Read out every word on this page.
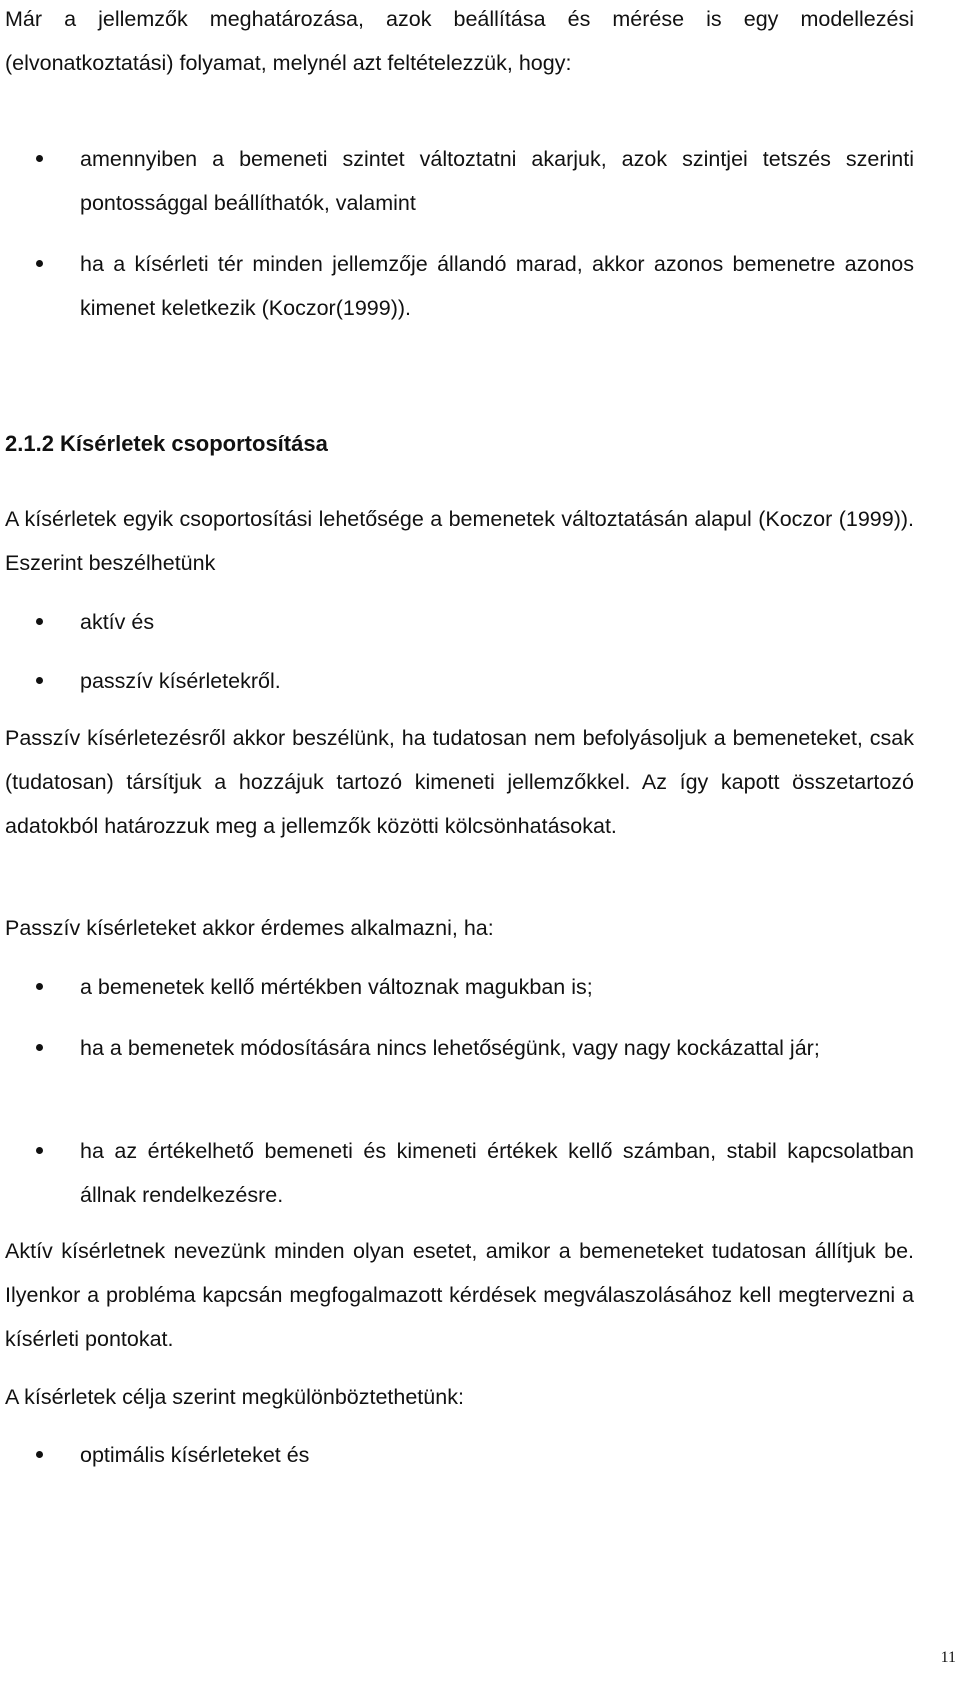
Már a jellemzők meghatározása, azok beállítása és mérése is egy modellezési (elvonatkoztatási) folyamat, melynél azt feltételezzük, hogy:
amennyiben a bemeneti szintet változtatni akarjuk, azok szintjei tetszés szerinti pontossággal beállíthatók, valamint
ha a kísérleti tér minden jellemzője állandó marad, akkor azonos bemenetre azonos kimenet keletkezik (Koczor(1999)).
2.1.2 Kísérletek csoportosítása
A kísérletek egyik csoportosítási lehetősége a bemenetek változtatásán alapul (Koczor (1999)). Eszerint beszélhetünk
aktív és
passzív kísérletekről.
Passzív kísérletezésről akkor beszélünk, ha tudatosan nem befolyásoljuk a bemeneteket, csak (tudatosan) társítjuk a hozzájuk tartozó kimeneti jellemzőkkel. Az így kapott összetartozó adatokból határozzuk meg a jellemzők közötti kölcsönhatásokat.
Passzív kísérleteket akkor érdemes alkalmazni, ha:
a bemenetek kellő mértékben változnak magukban is;
ha a bemenetek módosítására nincs lehetőségünk, vagy nagy kockázattal jár;
ha az értékelhető bemeneti és kimeneti értékek kellő számban, stabil kapcsolatban állnak rendelkezésre.
Aktív kísérletnek nevezünk minden olyan esetet, amikor a bemeneteket tudatosan állítjuk be. Ilyenkor a probléma kapcsán megfogalmazott kérdések megválaszolásához kell megtervezni a kísérleti pontokat.
A kísérletek célja szerint megkülönböztethetünk:
optimális kísérleteket és
11
